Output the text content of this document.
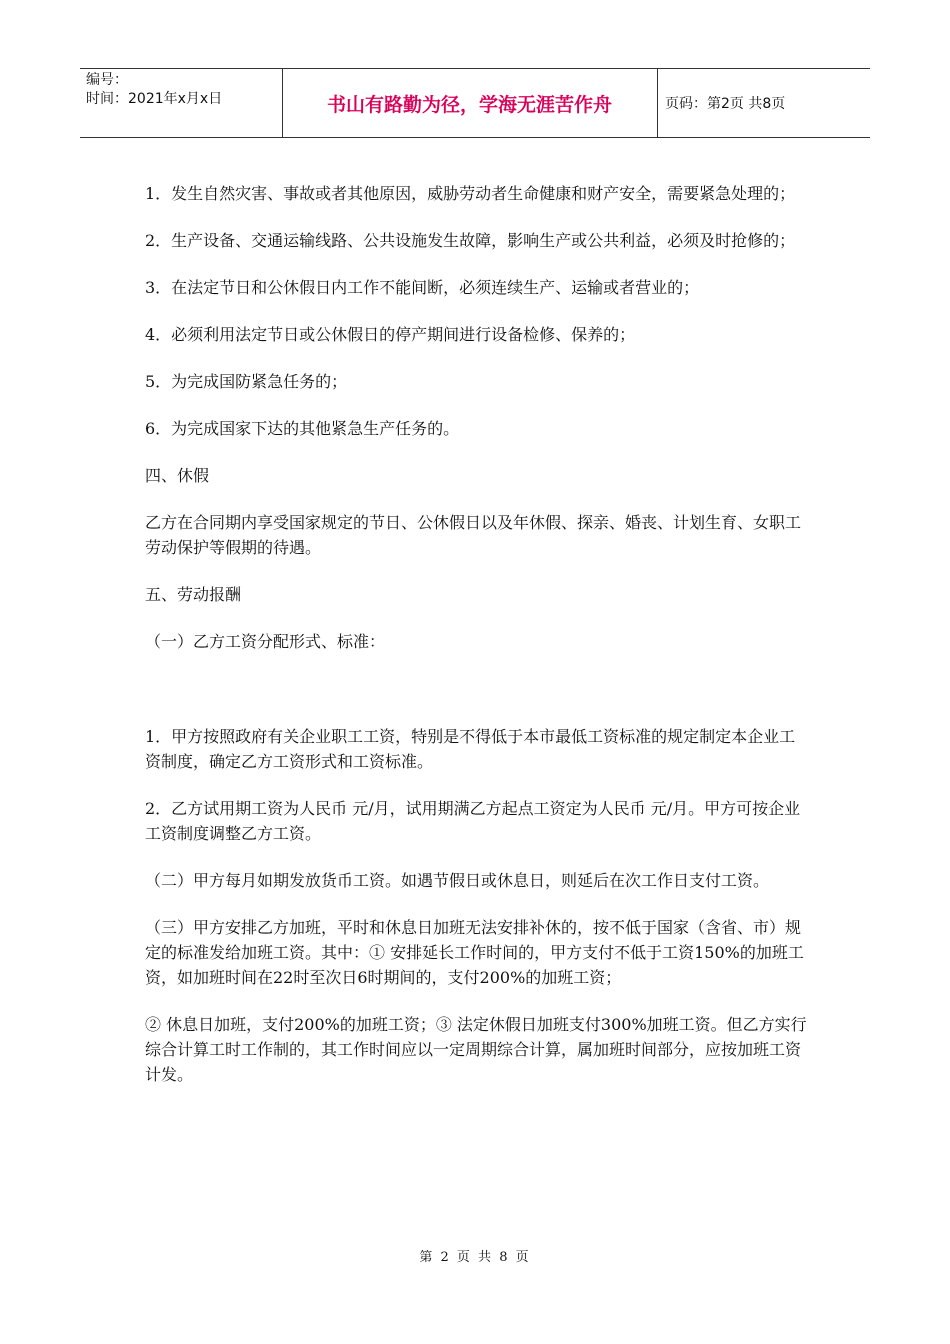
编号：
时间：2021年x月x日	书山有路勤为径，学海无涯苦作舟	页码：第2页 共8页

1．发生自然灾害、事故或者其他原因，威胁劳动者生命健康和财产安全，需要紧急处理的；

2．生产设备、交通运输线路、公共设施发生故障，影响生产或公共利益，必须及时抢修的；

3．在法定节日和公休假日内工作不能间断，必须连续生产、运输或者营业的；

4．必须利用法定节日或公休假日的停产期间进行设备检修、保养的；

5．为完成国防紧急任务的；

6．为完成国家下达的其他紧急生产任务的。

四、休假

乙方在合同期内享受国家规定的节日、公休假日以及年休假、探亲、婚丧、计划生育、女职工劳动保护等假期的待遇。

五、劳动报酬

（一）乙方工资分配形式、标准：

1．甲方按照政府有关企业职工工资，特别是不得低于本市最低工资标准的规定制定本企业工资制度，确定乙方工资形式和工资标准。

2．乙方试用期工资为人民币 元/月，试用期满乙方起点工资定为人民币 元/月。甲方可按企业工资制度调整乙方工资。

（二）甲方每月如期发放货币工资。如遇节假日或休息日，则延后在次工作日支付工资。

（三）甲方安排乙方加班，平时和休息日加班无法安排补休的，按不低于国家（含省、市）规定的标准发给加班工资。其中：① 安排延长工作时间的，甲方支付不低于工资150%的加班工资，如加班时间在22时至次日6时期间的，支付200%的加班工资；

② 休息日加班，支付200%的加班工资；③ 法定休假日加班支付300%加班工资。但乙方实行综合计算工时工作制的，其工作时间应以一定周期综合计算，属加班时间部分，应按加班工资计发。

第 2 页 共 8 页
